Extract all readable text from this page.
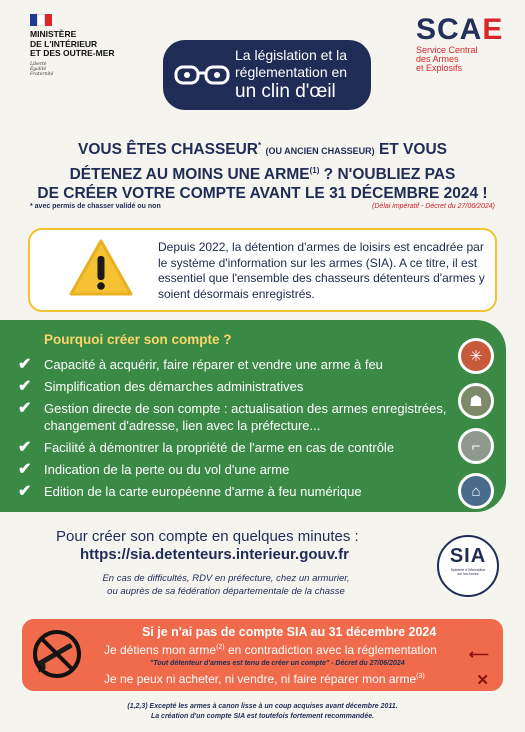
MINISTÈRE
DE L'INTÉRIEUR
ET DES OUTRE-MER
Liberté
Égalité
Fraternité
La législation et la
réglementation en
un clin d'œil
SCAE
Service Central
des Armes
et Explosifs
VOUS ÊTES CHASSEUR* (OU ANCIEN CHASSEUR) ET VOUS
DÉTENEZ AU MOINS UNE ARME$^{(1)}$ ? N'OUBLIEZ PAS
DE CRÉER VOTRE COMPTE AVANT LE 31 DÉCEMBRE 2024 !
* avec permis de chasser validé ou non	(Délai impératif - Décret du 27/06/2024)
Depuis 2022, la détention d'armes de loisirs est encadrée par le système d'information sur les armes (SIA). A ce titre, il est essentiel que l'ensemble des chasseurs détenteurs d'armes y soient désormais enregistrés.
Pourquoi créer son compte ?
✔ Capacité à acquérir, faire réparer et vendre une arme à feu
✔ Simplification des démarches administratives
✔ Gestion directe de son compte : actualisation des armes enregistrées, changement d'adresse, lien avec la préfecture...
✔ Facilité à démontrer la propriété de l'arme en cas de contrôle
✔ Indication de la perte ou du vol d'une arme
✔ Edition de la carte européenne d'arme à feu numérique
✳
☗
⌐
⌂
Pour créer son compte en quelques minutes :
https://sia.detenteurs.interieur.gouv.fr
En cas de difficultés, RDV en préfecture, chez un armurier,
ou auprès de sa fédération départementale de la chasse
SIA
Système d'Information
sur les Armes
Si je n'ai pas de compte SIA au 31 décembre 2024
Je détiens mon arme$^{(2)}$ en contradiction avec la réglementation
"Tout détenteur d'armes est tenu de créer un compte" - Décret du 27/06/2024
Je ne peux ni acheter, ni vendre, ni faire réparer mon arme$^{(3)}$
⟵
✕
(1,2,3) Excepté les armes à canon lisse à un coup acquises avant décembre 2011.
La création d'un compte SIA est toutefois fortement recommandée.
